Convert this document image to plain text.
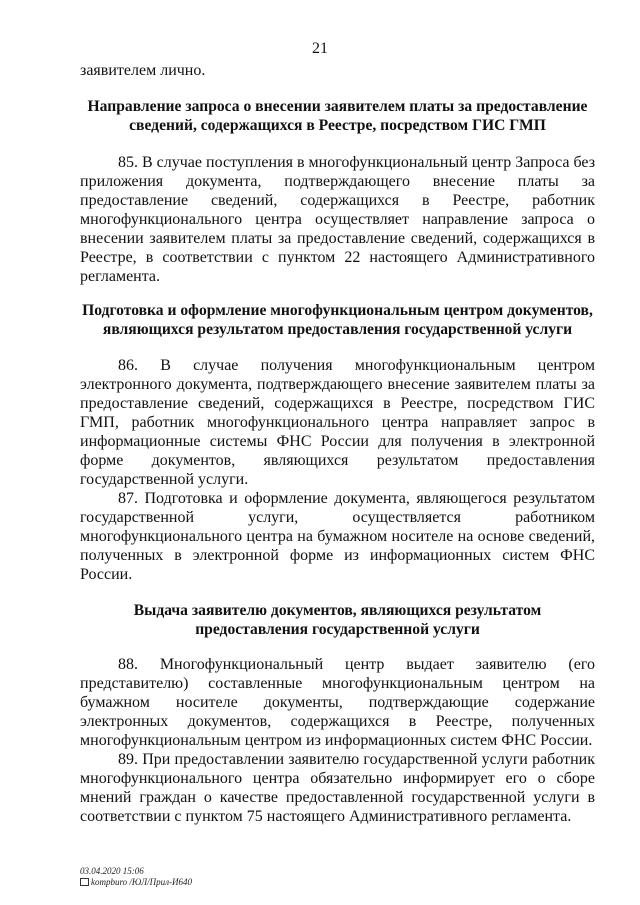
21

заявителем лично.

Направление запроса о внесении заявителем платы за предоставление
сведений, содержащихся в Реестре, посредством ГИС ГМП

85. В случае поступления в многофункциональный центр Запроса без приложения документа, подтверждающего внесение платы за предоставление сведений, содержащихся в Реестре, работник многофункционального центра осуществляет направление запроса о внесении заявителем платы за предоставление сведений, содержащихся в Реестре, в соответствии с пунктом 22 настоящего Административного регламента.

Подготовка и оформление многофункциональным центром документов,
являющихся результатом предоставления государственной услуги

86. В случае получения многофункциональным центром электронного документа, подтверждающего внесение заявителем платы за предоставление сведений, содержащихся в Реестре, посредством ГИС ГМП, работник многофункционального центра направляет запрос в информационные системы ФНС России для получения в электронной форме документов, являющихся результатом предоставления государственной услуги.

87. Подготовка и оформление документа, являющегося результатом государственной услуги, осуществляется работником многофункционального центра на бумажном носителе на основе сведений, полученных в электронной форме из информационных систем ФНС России.

Выдача заявителю документов, являющихся результатом
предоставления государственной услуги

88. Многофункциональный центр выдает заявителю (его представителю) составленные многофункциональным центром на бумажном носителе документы, подтверждающие содержание электронных документов, содержащихся в Реестре, полученных многофункциональным центром из информационных систем ФНС России.

89. При предоставлении заявителю государственной услуги работник многофункционального центра обязательно информирует его о сборе мнений граждан о качестве предоставленной государственной услуги в соответствии с пунктом 75 настоящего Административного регламента.

03.04.2020 15:06
kompburo /ЮЛ/Прил-И640
